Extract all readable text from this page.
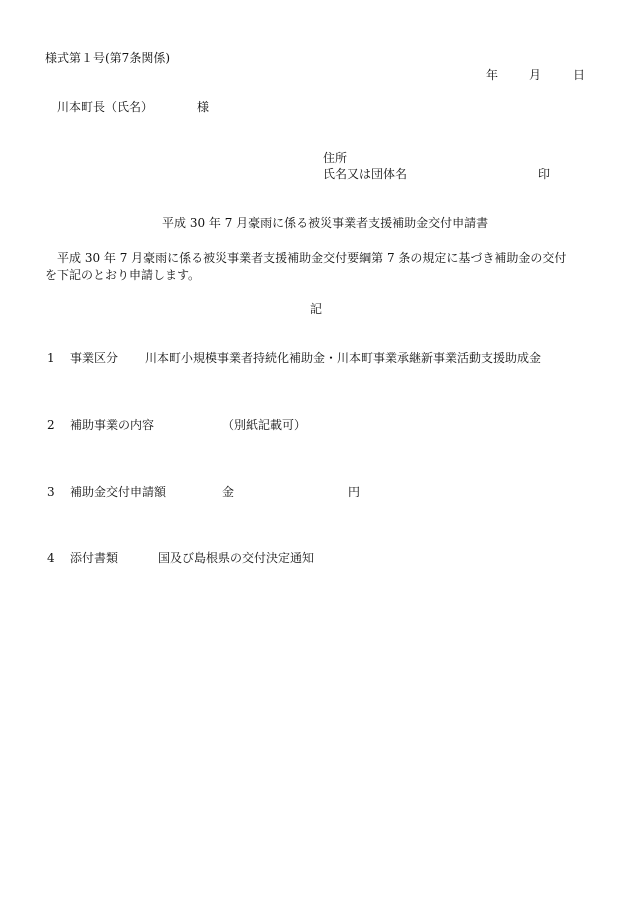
様式第１号(第7条関係)
年	月	日
川本町長（氏名）	様
住所
氏名又は団体名	印
平成 30 年 7 月豪雨に係る被災事業者支援補助金交付申請書
平成 30 年 7 月豪雨に係る被災事業者支援補助金交付要綱第 7 条の規定に基づき補助金の交付
を下記のとおり申請します。
記
1 事業区分 川本町小規模事業者持続化補助金・川本町事業承継新事業活動支援助成金
2 補助事業の内容	（別紙記載可）
3 補助金交付申請額	金	円
4 添付書類	国及び島根県の交付決定通知
